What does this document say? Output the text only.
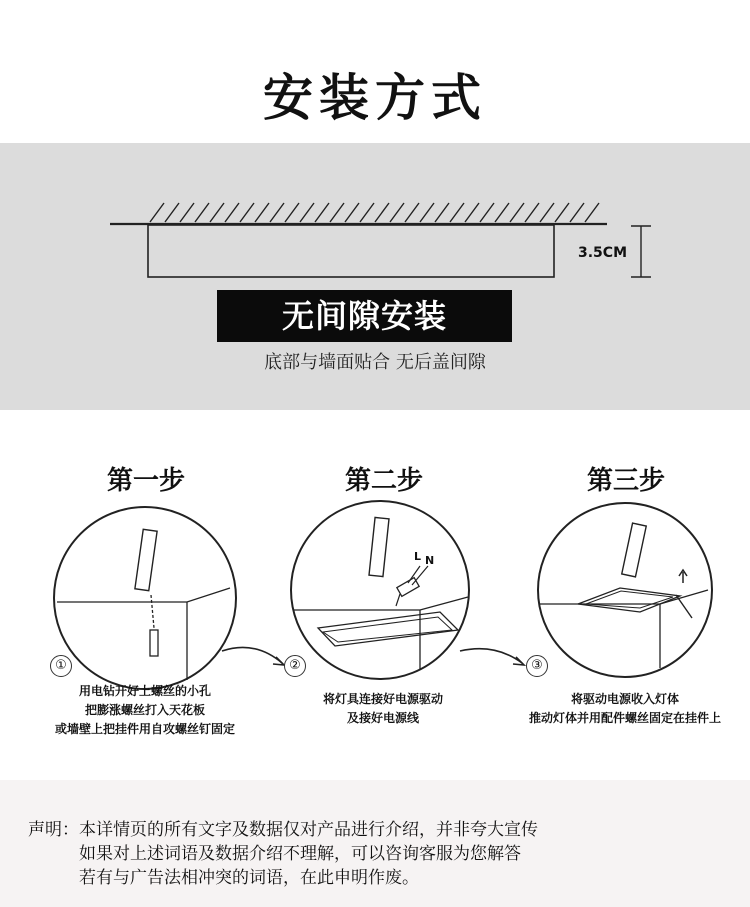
安装方式
3.5CM
无间隙安装
底部与墙面贴合 无后盖间隙
第一步	第二步	第三步
①	②	③
L N
用电钻开好上螺丝的小孔
把膨涨螺丝打入天花板
或墙壁上把挂件用自攻螺丝钉固定
将灯具连接好电源驱动
及接好电源线
将驱动电源收入灯体
推动灯体并用配件螺丝固定在挂件上
声明：本详情页的所有文字及数据仅对产品进行介绍，并非夸大宣传
　　　如果对上述词语及数据介绍不理解，可以咨询客服为您解答
　　　若有与广告法相冲突的词语，在此申明作废。
